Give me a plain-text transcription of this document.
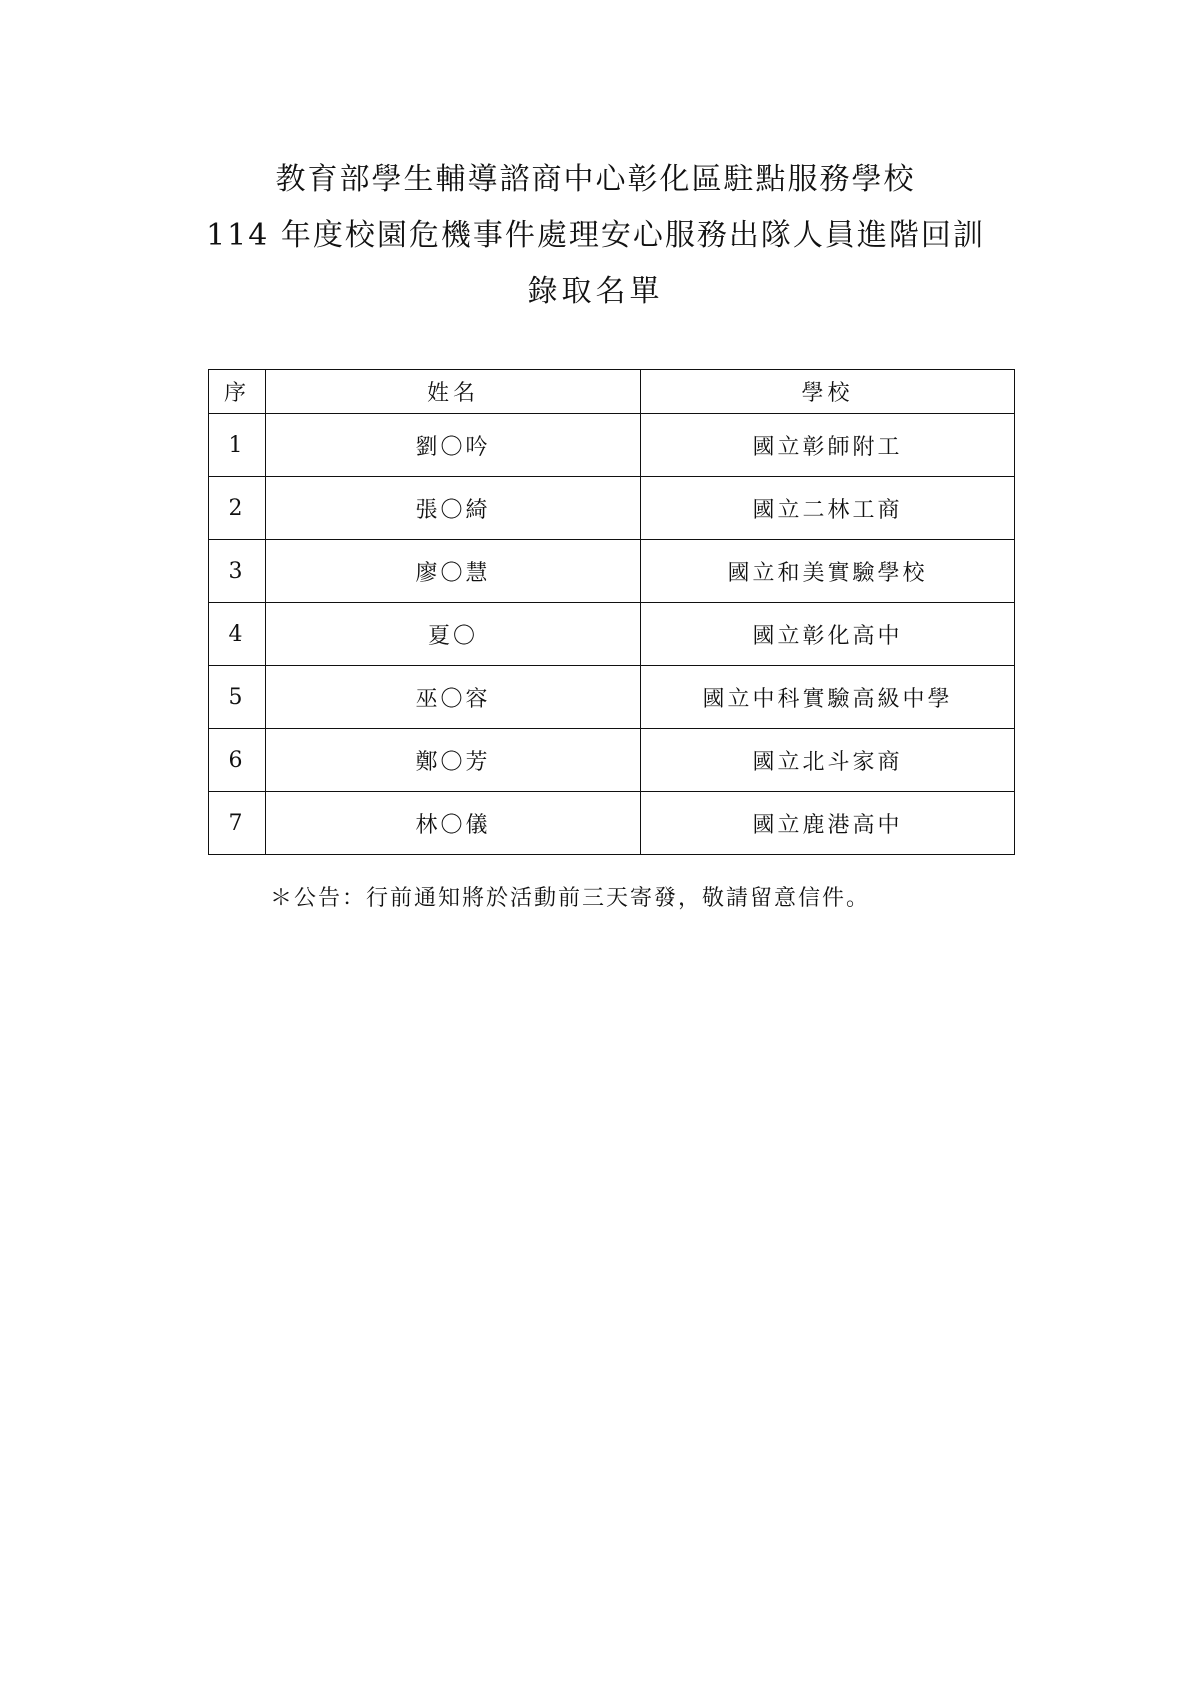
教育部學生輔導諮商中心彰化區駐點服務學校
114 年度校園危機事件處理安心服務出隊人員進階回訓
錄取名單
序	姓名	學校
1	劉〇吟	國立彰師附工
2	張〇綺	國立二林工商
3	廖〇慧	國立和美實驗學校
4	夏〇	國立彰化高中
5	巫〇容	國立中科實驗高級中學
6	鄭〇芳	國立北斗家商
7	林〇儀	國立鹿港高中
＊公告：行前通知將於活動前三天寄發，敬請留意信件。
